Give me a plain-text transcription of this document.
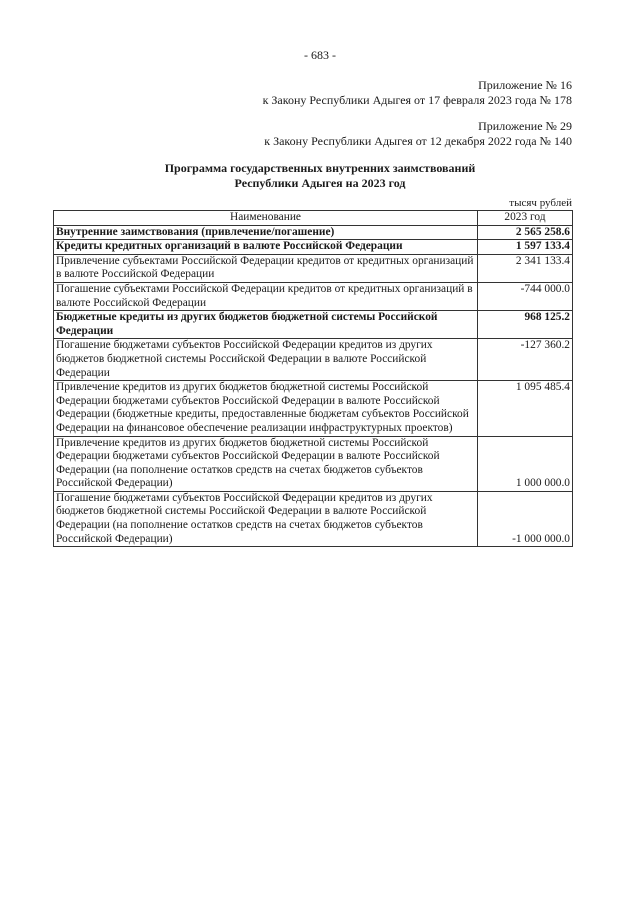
- 683 -
Приложение № 16
к Закону Республики Адыгея от 17 февраля 2023 года № 178
Приложение № 29
к Закону Республики Адыгея от 12 декабря 2022 года № 140
Программа государственных внутренних заимствований
Республики Адыгея на 2023 год
тысяч рублей
Наименование	2023 год
Внутренние заимствования (привлечение/погашение)	2 565 258.6
Кредиты кредитных организаций в валюте Российской Федерации	1 597 133.4
Привлечение субъектами Российской Федерации кредитов от кредитных организаций в валюте Российской Федерации	2 341 133.4
Погашение субъектами Российской Федерации кредитов от кредитных организаций в валюте Российской Федерации	-744 000.0
Бюджетные кредиты из других бюджетов бюджетной системы Российской Федерации	968 125.2
Погашение бюджетами субъектов Российской Федерации кредитов из других бюджетов бюджетной системы Российской Федерации в валюте Российской Федерации	-127 360.2
Привлечение кредитов из других бюджетов бюджетной системы Российской Федерации бюджетами субъектов Российской Федерации в валюте Российской Федерации (бюджетные кредиты, предоставленные бюджетам субъектов Российской Федерации на финансовое обеспечение реализации инфраструктурных проектов)	1 095 485.4
Привлечение кредитов из других бюджетов бюджетной системы Российской Федерации бюджетами субъектов Российской Федерации в валюте Российской Федерации (на пополнение остатков средств на счетах бюджетов субъектов Российской Федерации)	1 000 000.0
Погашение бюджетами субъектов Российской Федерации кредитов из других бюджетов бюджетной системы Российской Федерации в валюте Российской Федерации (на пополнение остатков средств на счетах бюджетов субъектов Российской Федерации)	-1 000 000.0
